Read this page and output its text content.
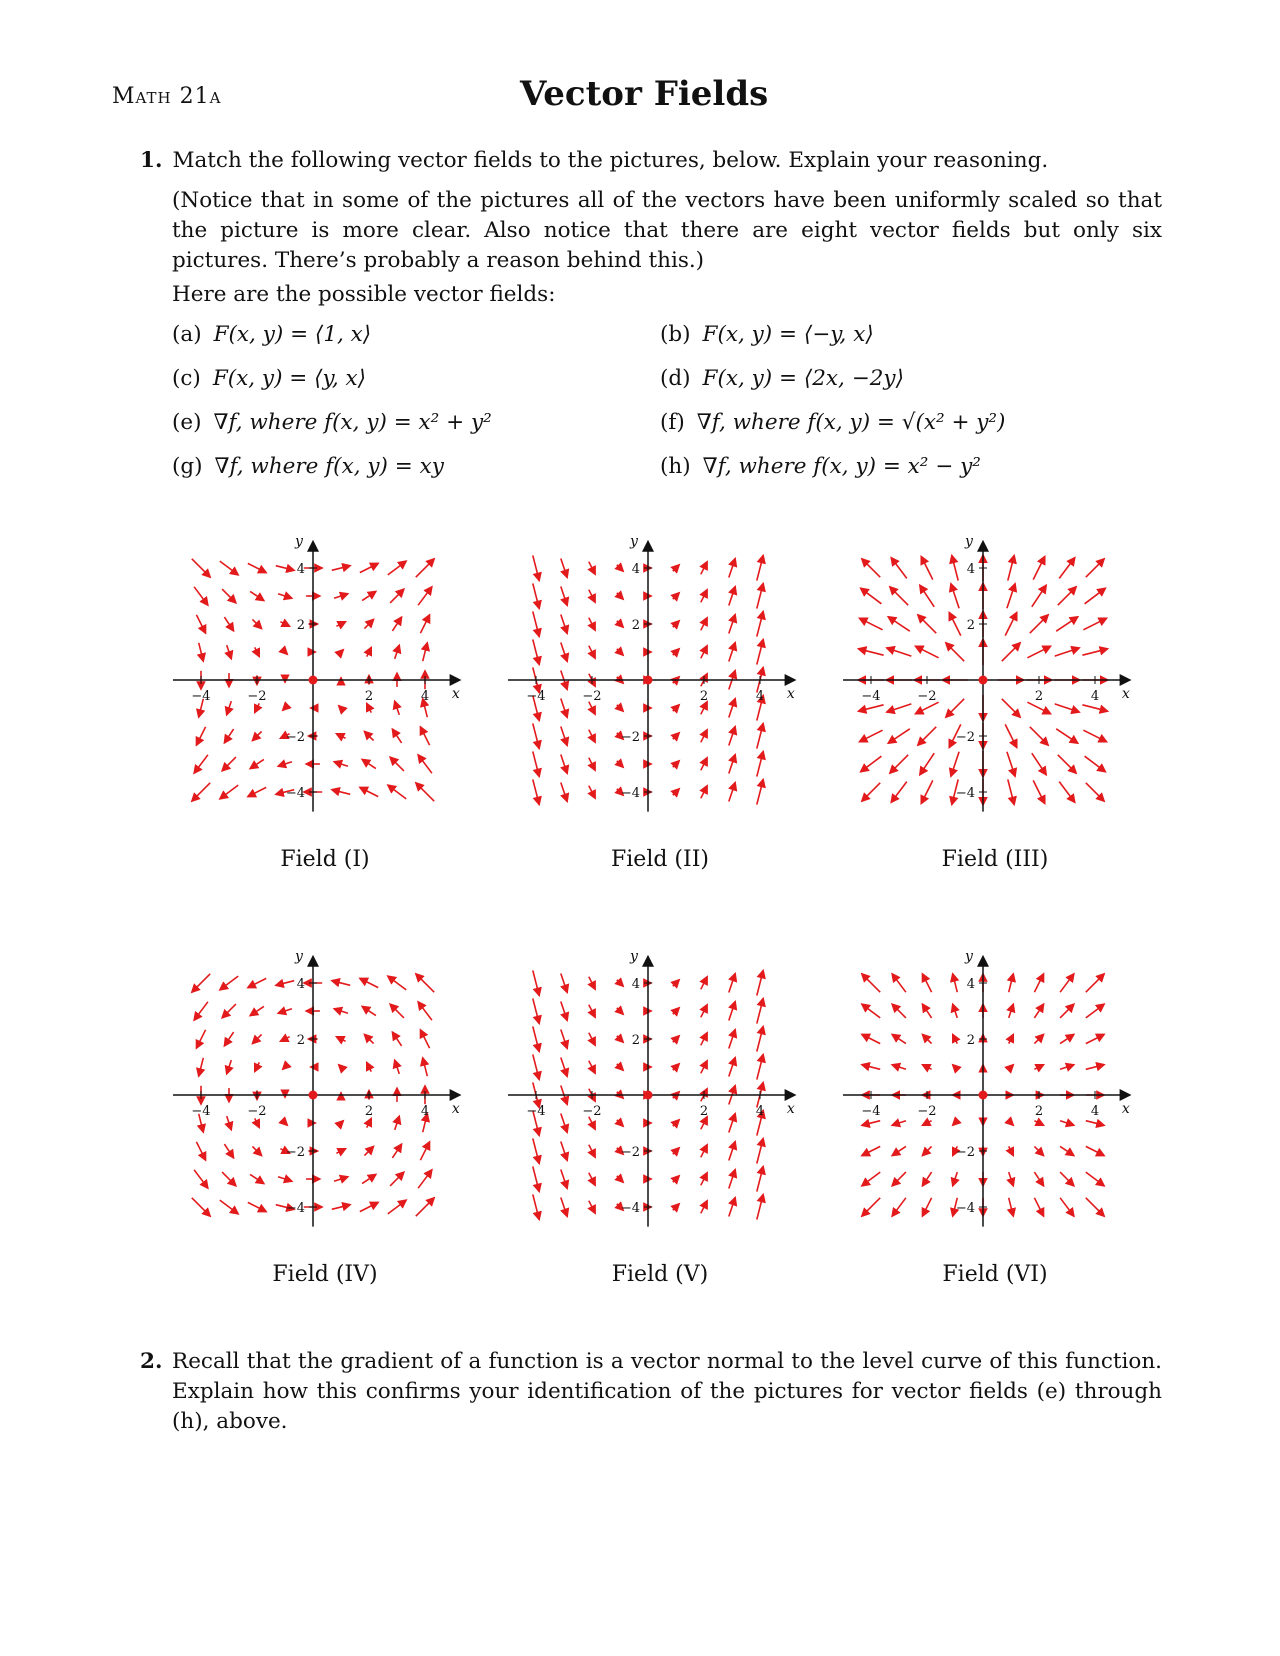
Math 21a	Vector Fields
1. Match the following vector fields to the pictures, below. Explain your reasoning.
(Notice that in some of the pictures all of the vectors have been uniformly scaled so that the picture is more clear. Also notice that there are eight vector fields but only six pictures. There’s probably a reason behind this.)
Here are the possible vector fields:
(a) F(x, y) = ⟨1, x⟩	(b) F(x, y) = ⟨−y, x⟩
(c) F(x, y) = ⟨y, x⟩	(d) F(x, y) = ⟨2x, −2y⟩
(e) ∇f, where f(x, y) = x² + y²	(f) ∇f, where f(x, y) = √(x² + y²)
(g) ∇f, where f(x, y) = xy	(h) ∇f, where f(x, y) = x² − y²
−4
−4
−2
−2
2
2
4
4
x
y
Field (I)
−4
−4
−2
−2
2
2
4
4
x
y
Field (II)
−4
−4
−2
−2
2
2
4
4
x
y
Field (III)
−4
−4
−2
−2
2
2
4
4
x
y
Field (IV)
−4
−4
−2
−2
2
2
4
4
x
y
Field (V)
−4
−4
−2
−2
2
2
4
4
x
y
Field (VI)
2. Recall that the gradient of a function is a vector normal to the level curve of this function. Explain how this confirms your identification of the pictures for vector fields (e) through (h), above.
